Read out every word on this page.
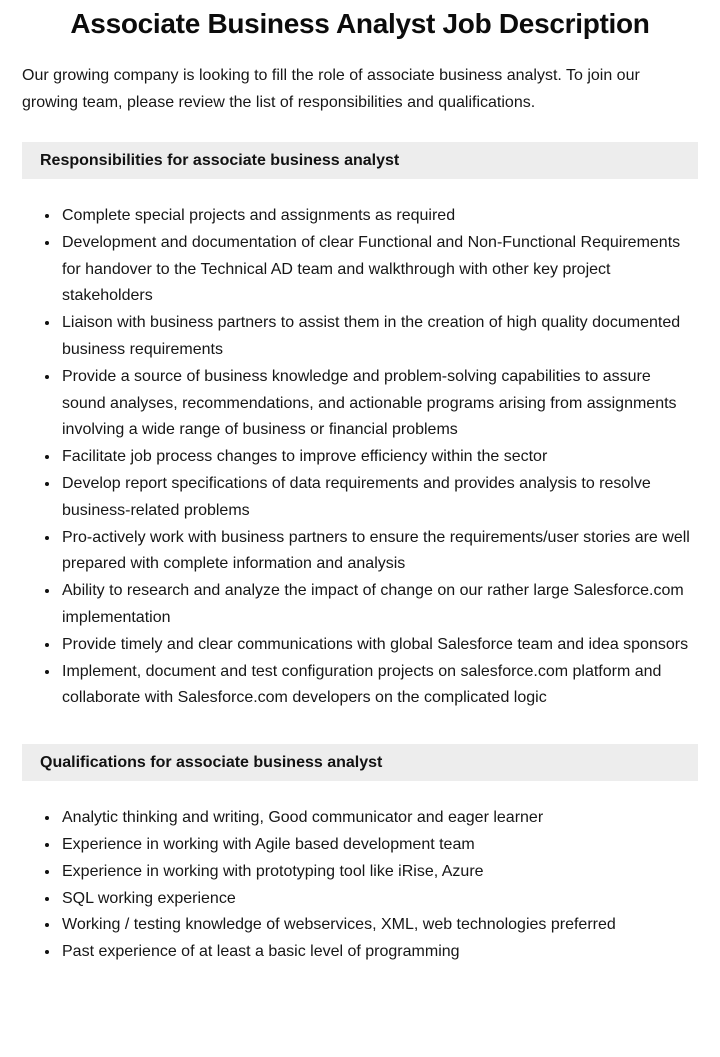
Associate Business Analyst Job Description

Our growing company is looking to fill the role of associate business analyst. To join our growing team, please review the list of responsibilities and qualifications.

Responsibilities for associate business analyst
• Complete special projects and assignments as required
• Development and documentation of clear Functional and Non-Functional Requirements for handover to the Technical AD team and walkthrough with other key project stakeholders
• Liaison with business partners to assist them in the creation of high quality documented business requirements
• Provide a source of business knowledge and problem-solving capabilities to assure sound analyses, recommendations, and actionable programs arising from assignments involving a wide range of business or financial problems
• Facilitate job process changes to improve efficiency within the sector
• Develop report specifications of data requirements and provides analysis to resolve business-related problems
• Pro-actively work with business partners to ensure the requirements/user stories are well prepared with complete information and analysis
• Ability to research and analyze the impact of change on our rather large Salesforce.com implementation
• Provide timely and clear communications with global Salesforce team and idea sponsors
• Implement, document and test configuration projects on salesforce.com platform and collaborate with Salesforce.com developers on the complicated logic
Qualifications for associate business analyst
• Analytic thinking and writing, Good communicator and eager learner
• Experience in working with Agile based development team
• Experience in working with prototyping tool like iRise, Azure
• SQL working experience
• Working / testing knowledge of webservices, XML, web technologies preferred
• Past experience of at least a basic level of programming
